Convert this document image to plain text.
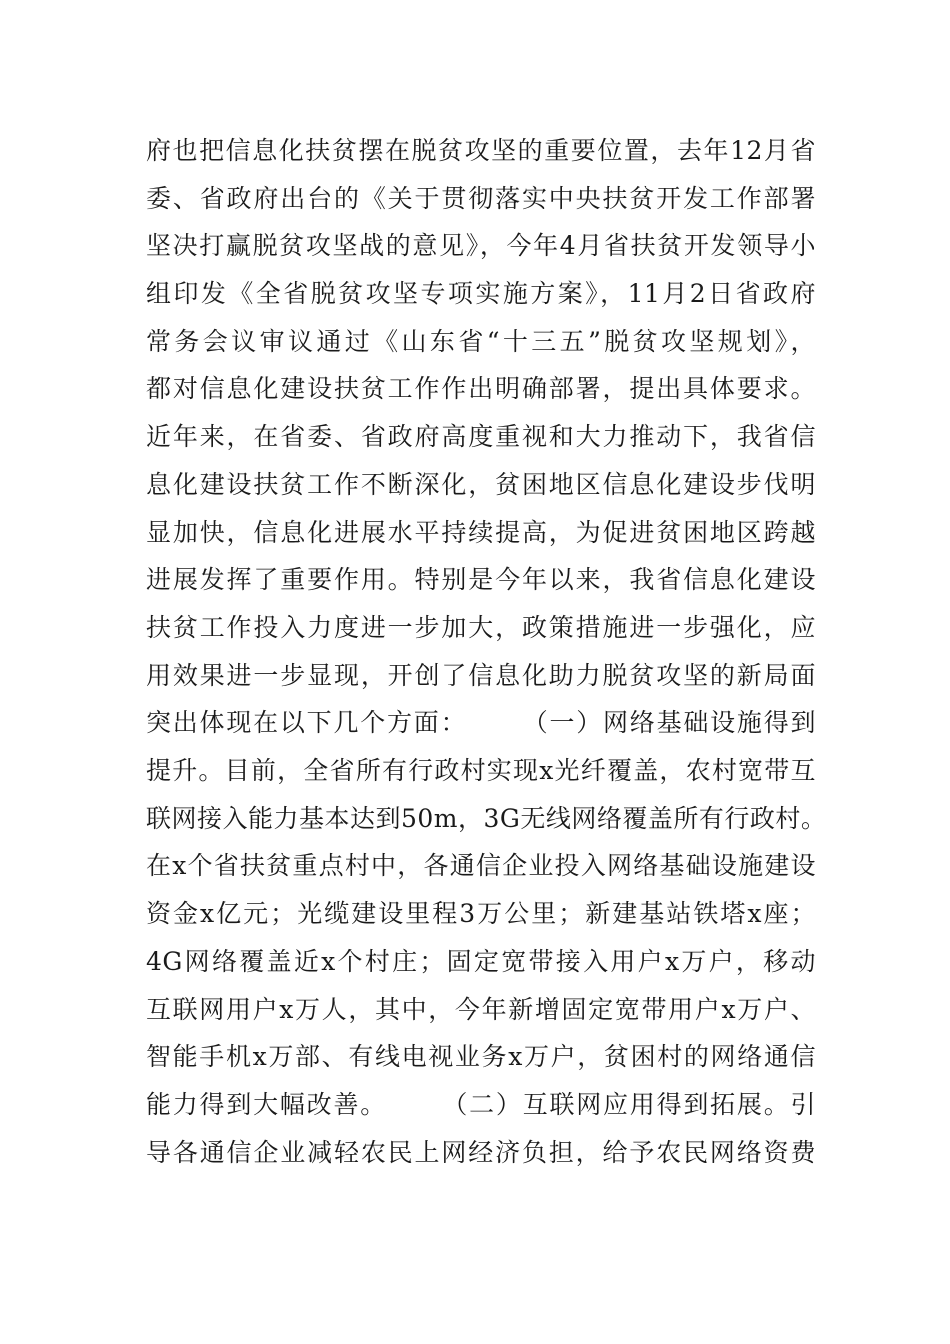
府也把信息化扶贫摆在脱贫攻坚的重要位置，去年12月省
委、省政府出台的《关于贯彻落实中央扶贫开发工作部署
坚决打赢脱贫攻坚战的意见》，今年4月省扶贫开发领导小
组印发《全省脱贫攻坚专项实施方案》，11月2日省政府
常务会议审议通过《山东省“十三五”脱贫攻坚规划》，
都对信息化建设扶贫工作作出明确部署，提出具体要求。
近年来，在省委、省政府高度重视和大力推动下，我省信
息化建设扶贫工作不断深化，贫困地区信息化建设步伐明
显加快，信息化进展水平持续提高，为促进贫困地区跨越
进展发挥了重要作用。特别是今年以来，我省信息化建设
扶贫工作投入力度进一步加大，政策措施进一步强化，应
用效果进一步显现，开创了信息化助力脱贫攻坚的新局面
突出体现在以下几个方面：　　　（一）网络基础设施得到
提升。目前，全省所有行政村实现x光纤覆盖，农村宽带互
联网接入能力基本达到50m，3G无线网络覆盖所有行政村。
在x个省扶贫重点村中，各通信企业投入网络基础设施建设
资金x亿元；光缆建设里程3万公里；新建基站铁塔x座；
4G网络覆盖近x个村庄；固定宽带接入用户x万户，移动
互联网用户x万人，其中，今年新增固定宽带用户x万户、
智能手机x万部、有线电视业务x万户，贫困村的网络通信
能力得到大幅改善。　　　（二）互联网应用得到拓展。引
导各通信企业减轻农民上网经济负担，给予农民网络资费
